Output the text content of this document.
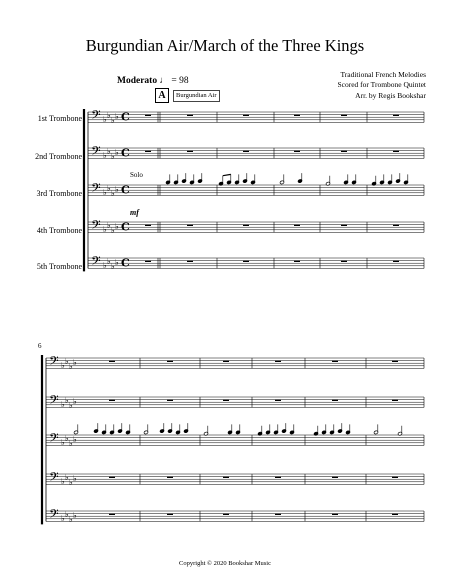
Burgundian Air/March of the Three Kings
Traditional French Melodies
Scored for Trombone Quintet
Arr. by Regis Bookshar
Moderato ♩ = 98
A	Burgundian Air
1st Trombone
2nd Trombone
3rd Trombone
4th Trombone
5th Trombone
Solo
mf
6
𝄢 ♭ ♭
♭ ♭ C
𝄢 ♭ ♭
♭ ♭ C
𝄢 ♭ ♭
♭ ♭ C
𝄢 ♭ ♭
♭ ♭ C
𝄢 ♭ ♭
♭ ♭ C
𝄢 ♭ ♭
♭ ♭
𝄢 ♭ ♭
♭ ♭
𝄢 ♭ ♭
♭ ♭
𝄢 ♭ ♭
♭ ♭
𝄢 ♭ ♭
♭ ♭
Copyright © 2020 Bookshar Music
